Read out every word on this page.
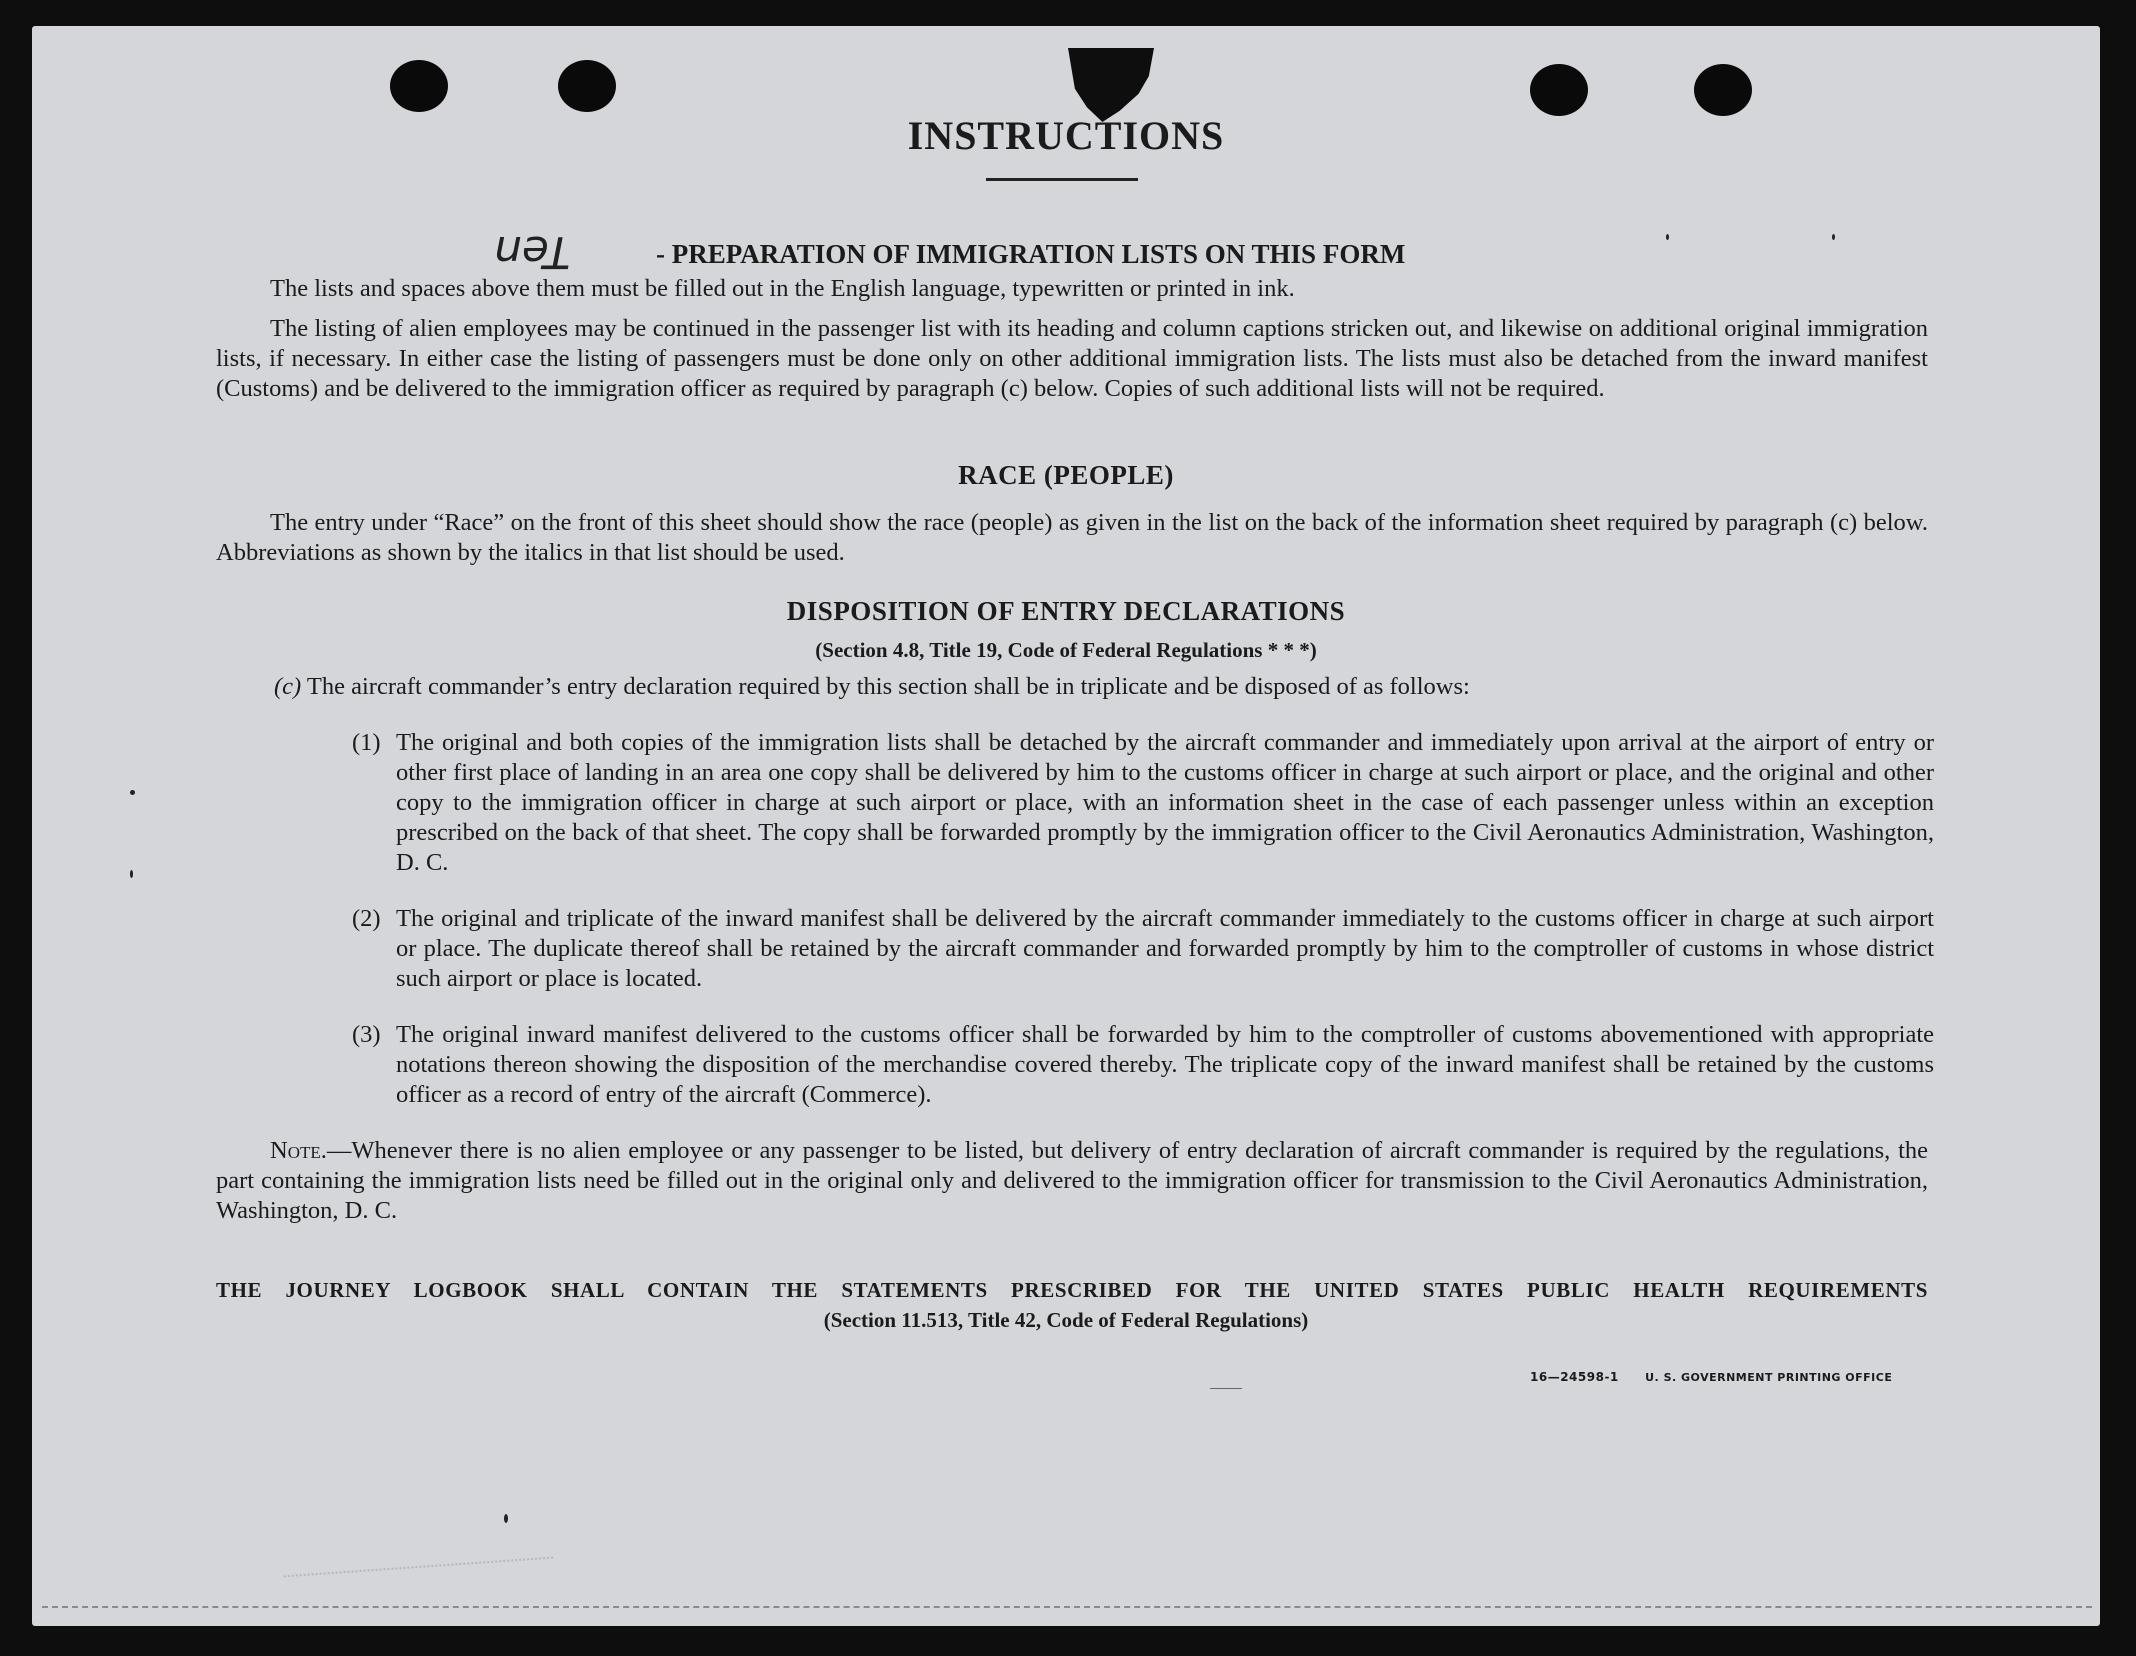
INSTRUCTIONS
Ten	- PREPARATION OF IMMIGRATION LISTS ON THIS FORM

The lists and spaces above them must be filled out in the English language, typewritten or printed in ink.

The listing of alien employees may be continued in the passenger list with its heading and column captions stricken out, and likewise on additional original immigration lists, if necessary. In either case the listing of passengers must be done only on other additional immigration lists. The lists must also be detached from the inward manifest (Customs) and be delivered to the immigration officer as required by paragraph (c) below. Copies of such additional lists will not be required.

RACE (PEOPLE)

The entry under “Race” on the front of this sheet should show the race (people) as given in the list on the back of the information sheet required by paragraph (c) below. Abbreviations as shown by the italics in that list should be used.

DISPOSITION OF ENTRY DECLARATIONS
(Section 4.8, Title 19, Code of Federal Regulations * * *)

(c) The aircraft commander’s entry declaration required by this section shall be in triplicate and be disposed of as follows:

(1) The original and both copies of the immigration lists shall be detached by the aircraft commander and immediately upon arrival at the airport of entry or other first place of landing in an area one copy shall be delivered by him to the customs officer in charge at such airport or place, and the original and other copy to the immigration officer in charge at such airport or place, with an information sheet in the case of each passenger unless within an exception prescribed on the back of that sheet. The copy shall be forwarded promptly by the immigration officer to the Civil Aeronautics Administration, Washington, D. C.
(2) The original and triplicate of the inward manifest shall be delivered by the aircraft commander immediately to the customs officer in charge at such airport or place. The duplicate thereof shall be retained by the aircraft commander and forwarded promptly by him to the comptroller of customs in whose district such airport or place is located.
(3) The original inward manifest delivered to the customs officer shall be forwarded by him to the comptroller of customs abovementioned with appropriate notations thereon showing the disposition of the merchandise covered thereby. The triplicate copy of the inward manifest shall be retained by the customs officer as a record of entry of the aircraft (Commerce).

Note.—Whenever there is no alien employee or any passenger to be listed, but delivery of entry declaration of aircraft commander is required by the regulations, the part containing the immigration lists need be filled out in the original only and delivered to the immigration officer for transmission to the Civil Aeronautics Administration, Washington, D. C.

THE JOURNEY LOGBOOK SHALL CONTAIN THE STATEMENTS PRESCRIBED FOR THE UNITED STATES PUBLIC HEALTH REQUIREMENTS
(Section 11.513, Title 42, Code of Federal Regulations)
16—24598-1 U. S. GOVERNMENT PRINTING OFFICE
